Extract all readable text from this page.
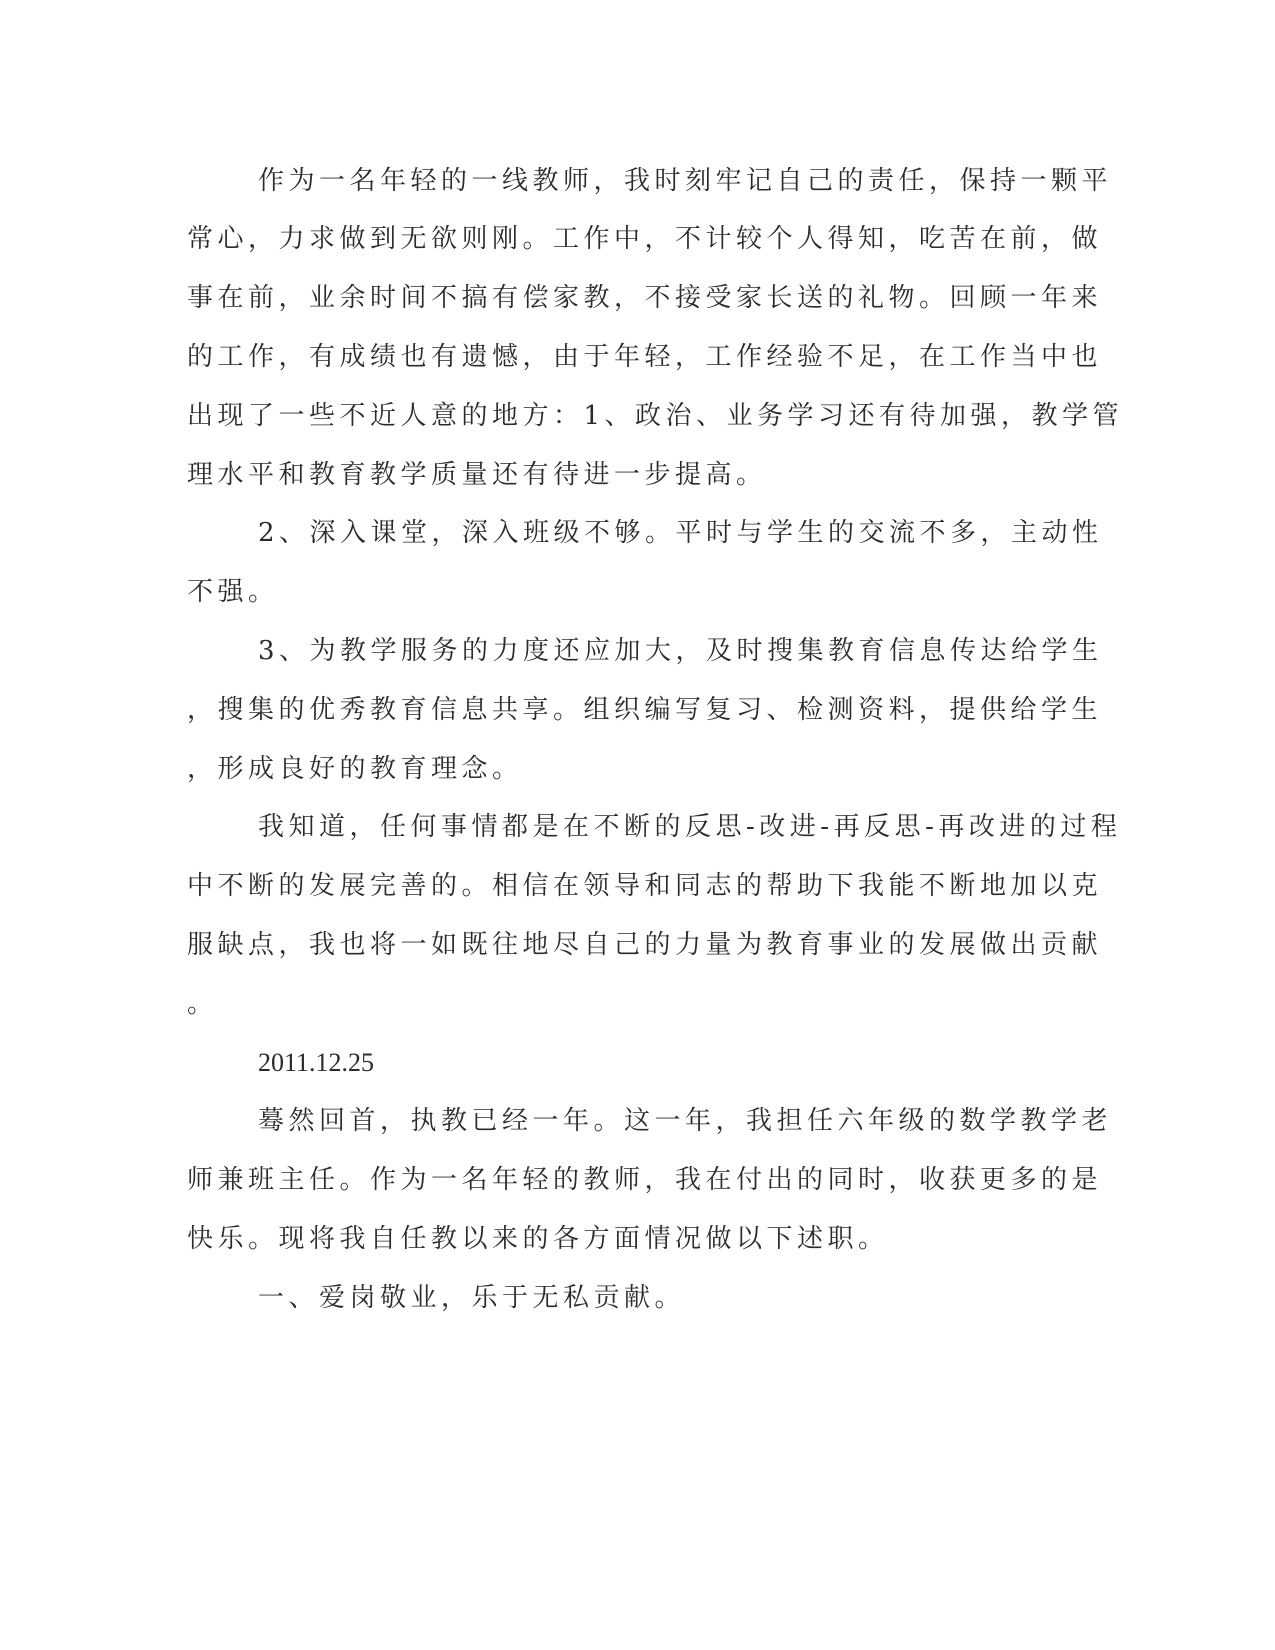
作为一名年轻的一线教师，我时刻牢记自己的责任，保持一颗平
常心，力求做到无欲则刚。工作中，不计较个人得知，吃苦在前，做
事在前，业余时间不搞有偿家教，不接受家长送的礼物。回顾一年来
的工作，有成绩也有遗憾，由于年轻，工作经验不足，在工作当中也
出现了一些不近人意的地方：1、政治、业务学习还有待加强，教学管
理水平和教育教学质量还有待进一步提高。
2、深入课堂，深入班级不够。平时与学生的交流不多，主动性
不强。
3、为教学服务的力度还应加大，及时搜集教育信息传达给学生
，搜集的优秀教育信息共享。组织编写复习、检测资料，提供给学生
，形成良好的教育理念。
我知道，任何事情都是在不断的反思-改进-再反思-再改进的过程
中不断的发展完善的。相信在领导和同志的帮助下我能不断地加以克
服缺点，我也将一如既往地尽自己的力量为教育事业的发展做出贡献
。
2011.12.25
蓦然回首，执教已经一年。这一年，我担任六年级的数学教学老
师兼班主任。作为一名年轻的教师，我在付出的同时，收获更多的是
快乐。现将我自任教以来的各方面情况做以下述职。
一、爱岗敬业，乐于无私贡献。
